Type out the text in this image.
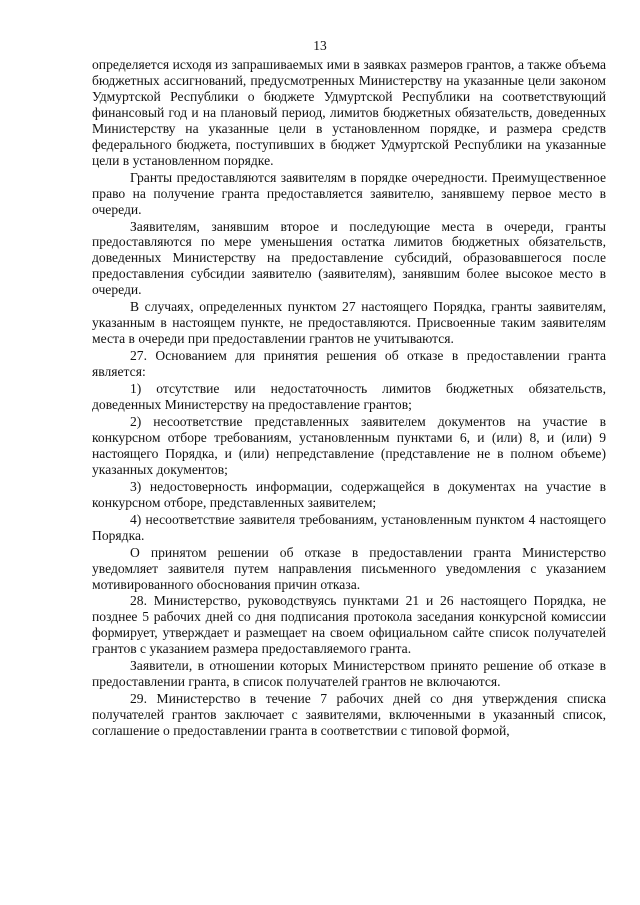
13

определяется исходя из запрашиваемых ими в заявках размеров грантов, а также объема бюджетных ассигнований, предусмотренных Министерству на указанные цели законом Удмуртской Республики о бюджете Удмуртской Республики на соответствующий финансовый год и на плановый период, лимитов бюджетных обязательств, доведенных Министерству на указанные цели в установленном порядке, и размера средств федерального бюджета, поступивших в бюджет Удмуртской Республики на указанные цели в установленном порядке.

Гранты предоставляются заявителям в порядке очередности. Преимущественное право на получение гранта предоставляется заявителю, занявшему первое место в очереди.

Заявителям, занявшим второе и последующие места в очереди, гранты предоставляются по мере уменьшения остатка лимитов бюджетных обязательств, доведенных Министерству на предоставление субсидий, образовавшегося после предоставления субсидии заявителю (заявителям), занявшим более высокое место в очереди.

В случаях, определенных пунктом 27 настоящего Порядка, гранты заявителям, указанным в настоящем пункте, не предоставляются. Присвоенные таким заявителям места в очереди при предоставлении грантов не учитываются.

27. Основанием для принятия решения об отказе в предоставлении гранта является:

1) отсутствие или недостаточность лимитов бюджетных обязательств, доведенных Министерству на предоставление грантов;

2) несоответствие представленных заявителем документов на участие в конкурсном отборе требованиям, установленным пунктами 6, и (или) 8, и (или) 9 настоящего Порядка, и (или) непредставление (представление не в полном объеме) указанных документов;

3) недостоверность информации, содержащейся в документах на участие в конкурсном отборе, представленных заявителем;

4) несоответствие заявителя требованиям, установленным пунктом 4 настоящего Порядка.

О принятом решении об отказе в предоставлении гранта Министерство уведомляет заявителя путем направления письменного уведомления с указанием мотивированного обоснования причин отказа.

28. Министерство, руководствуясь пунктами 21 и 26 настоящего Порядка, не позднее 5 рабочих дней со дня подписания протокола заседания конкурсной комиссии формирует, утверждает и размещает на своем официальном сайте список получателей грантов с указанием размера предоставляемого гранта.

Заявители, в отношении которых Министерством принято решение об отказе в предоставлении гранта, в список получателей грантов не включаются.

29. Министерство в течение 7 рабочих дней со дня утверждения списка получателей грантов заключает с заявителями, включенными в указанный список, соглашение о предоставлении гранта в соответствии с типовой формой,
